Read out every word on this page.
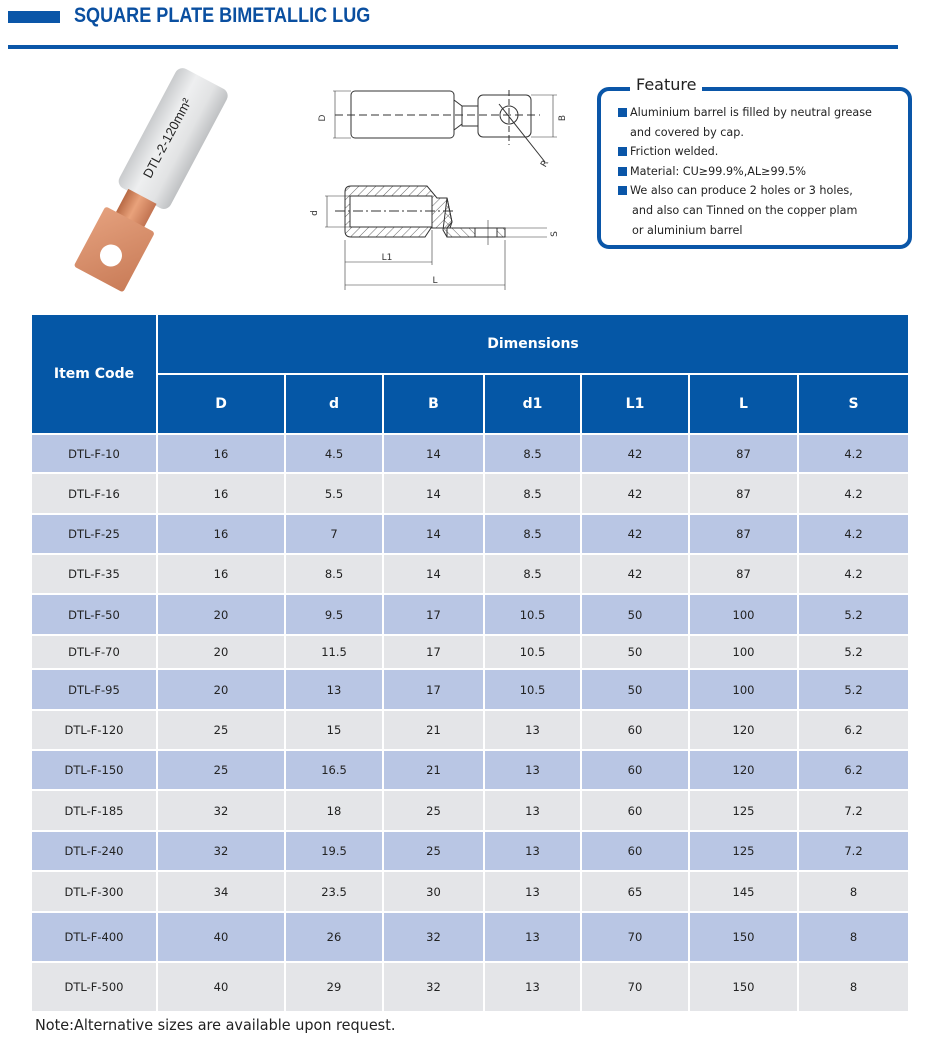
SQUARE PLATE BIMETALLIC LUG
DTL-2-120mm²	D	B
R
d
S
L1
L
Feature
Aluminium barrel is filled by neutral grease
and covered by cap.
Friction welded.
Material: CU≥99.9%,AL≥99.5%
We also can produce 2 holes or 3 holes,
and also can Tinned on the copper plam
or aluminium barrel
Item Code	Dimensions						
	D	d	B	d1	L1	L	S
DTL-F-10	16	4.5	14	8.5	42	87	4.2
DTL-F-16	16	5.5	14	8.5	42	87	4.2
DTL-F-25	16	7	14	8.5	42	87	4.2
DTL-F-35	16	8.5	14	8.5	42	87	4.2
DTL-F-50	20	9.5	17	10.5	50	100	5.2
DTL-F-70	20	11.5	17	10.5	50	100	5.2
DTL-F-95	20	13	17	10.5	50	100	5.2
DTL-F-120	25	15	21	13	60	120	6.2
DTL-F-150	25	16.5	21	13	60	120	6.2
DTL-F-185	32	18	25	13	60	125	7.2
DTL-F-240	32	19.5	25	13	60	125	7.2
DTL-F-300	34	23.5	30	13	65	145	8
DTL-F-400	40	26	32	13	70	150	8
DTL-F-500	40	29	32	13	70	150	8
Note:Alternative sizes are available upon request.
